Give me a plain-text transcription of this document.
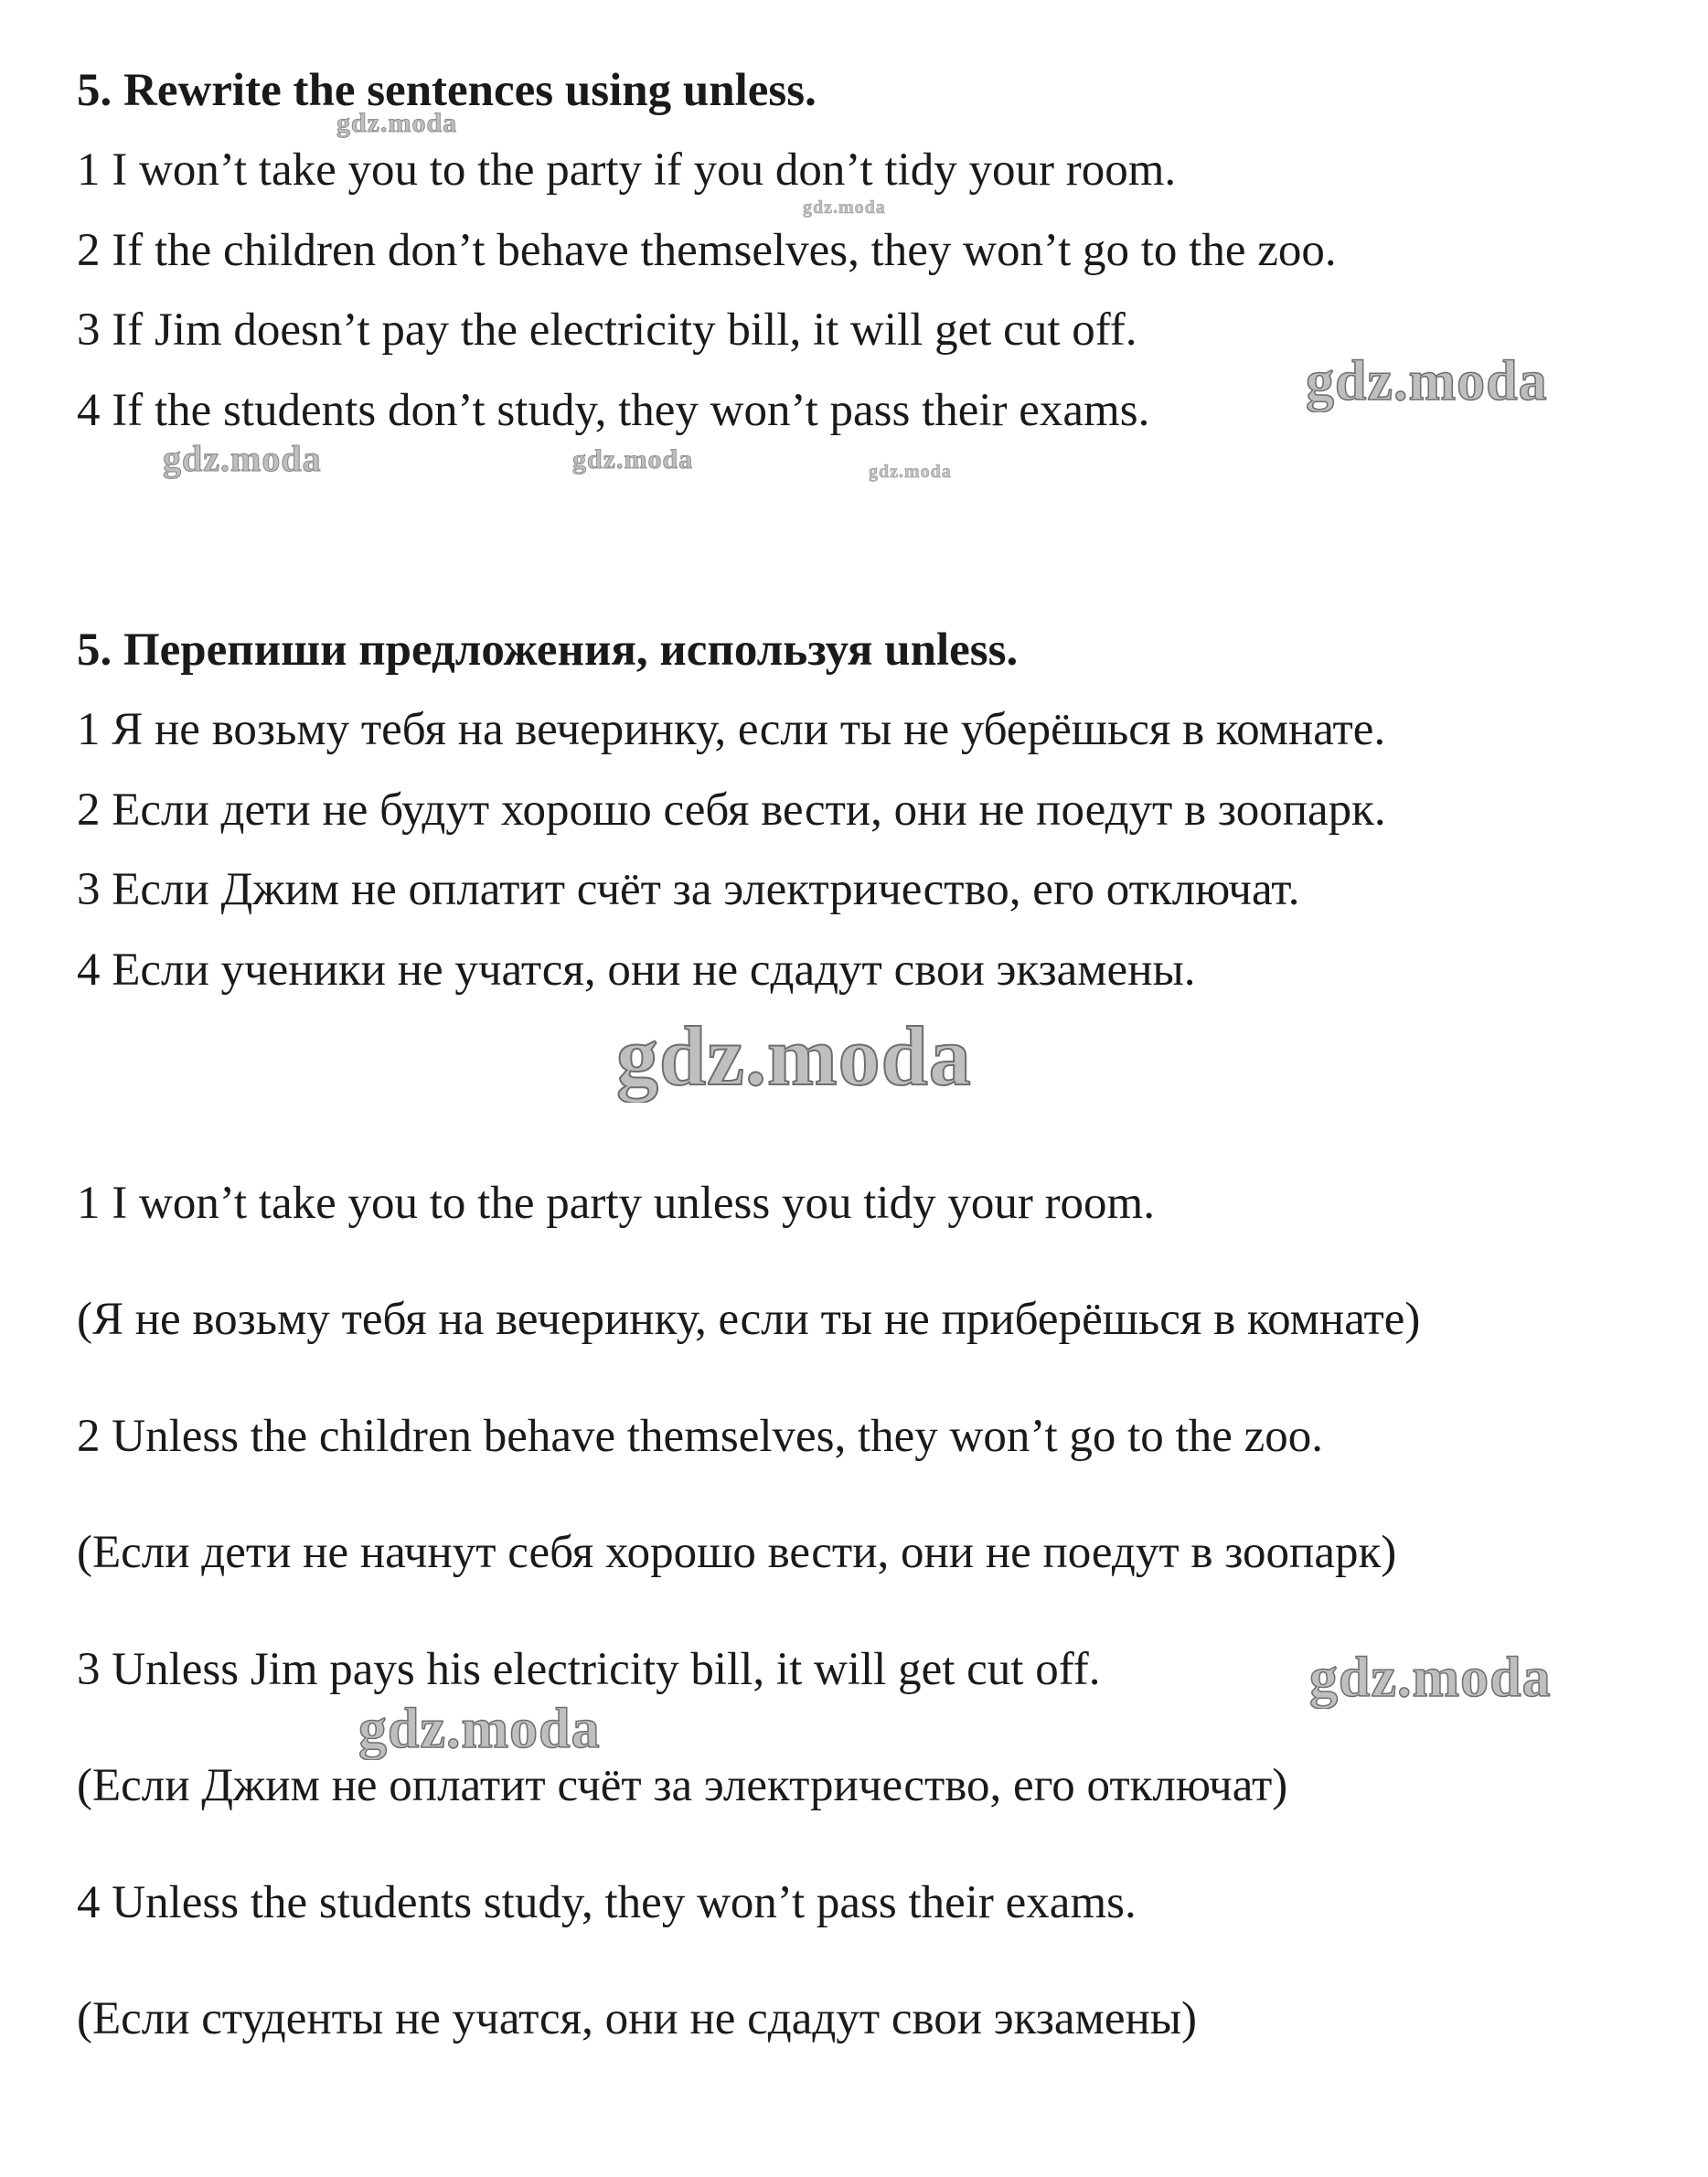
5. Rewrite the sentences using unless.

1 I won’t take you to the party if you don’t tidy your room.

2 If the children don’t behave themselves, they won’t go to the zoo.

3 If Jim doesn’t pay the electricity bill, it will get cut off.

4 If the students don’t study, they won’t pass their exams.

5. Перепиши предложения, используя unless.

1 Я не возьму тебя на вечеринку, если ты не уберёшься в комнате.

2 Если дети не будут хорошо себя вести, они не поедут в зоопарк.

3 Если Джим не оплатит счёт за электричество, его отключат.

4 Если ученики не учатся, они не сдадут свои экзамены.

1 I won’t take you to the party unless you tidy your room.

(Я не возьму тебя на вечеринку, если ты не приберёшься в комнате)

2 Unless the children behave themselves, they won’t go to the zoo.

(Если дети не начнут себя хорошо вести, они не поедут в зоопарк)

3 Unless Jim pays his electricity bill, it will get cut off.

(Если Джим не оплатит счёт за электричество, его отключат)

4 Unless the students study, they won’t pass their exams.

(Если студенты не учатся, они не сдадут свои экзамены)

gdz.moda
gdz.moda
gdz.moda
gdz.moda	gdz.moda	gdz.moda
gdz.moda
gdz.moda
gdz.moda
